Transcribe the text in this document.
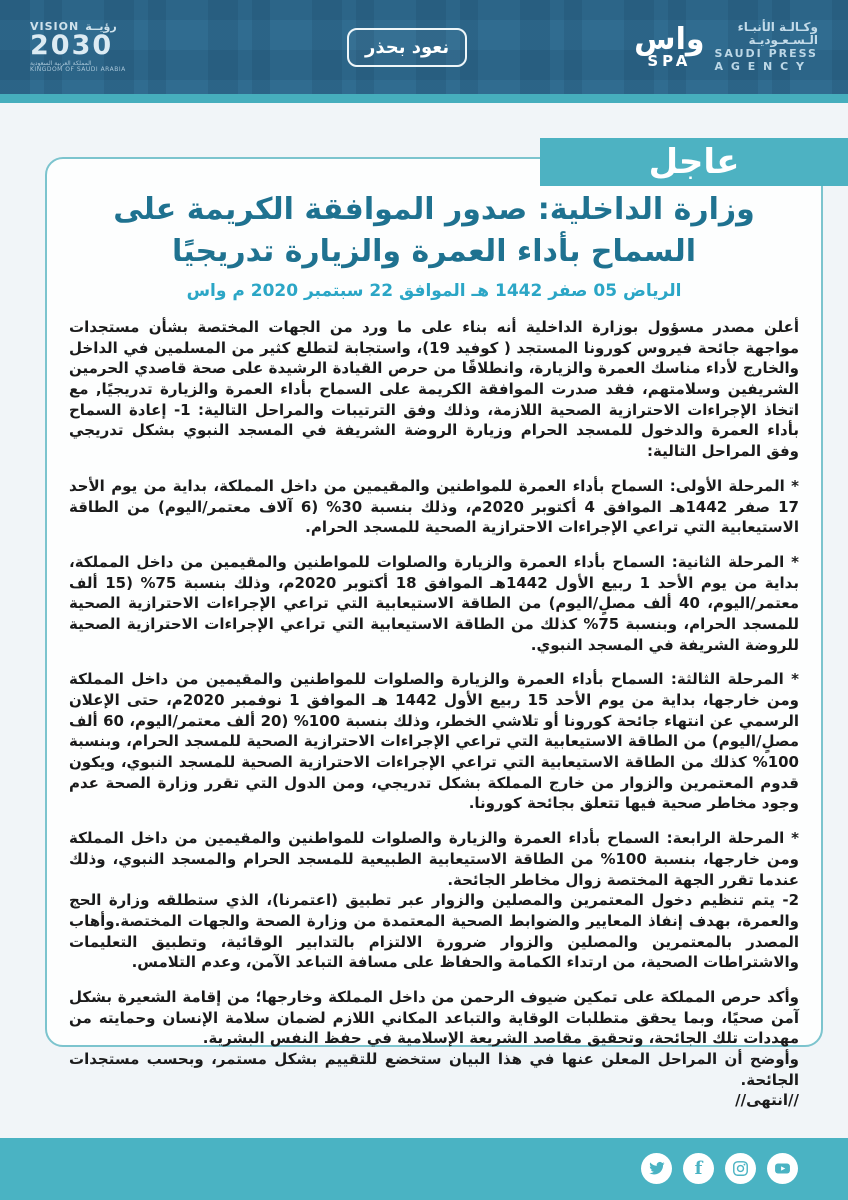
VISION رؤيــة
2030
المملكة العربية السعودية
KINGDOM OF SAUDI ARABIA
نعود بحذر	واس
SPA
وكـالـة الأنبـاء
الـسـعـوديـة
SAUDI PRESS
A G E N C Y
عاجل
وزارة الداخلية: صدور الموافقة الكريمة على السماح بأداء العمرة والزيارة تدريجيًا
الرياض 05 صفر 1442 هـ الموافق 22 سبتمبر 2020 م واس

أعلن مصدر مسؤول بوزارة الداخلية أنه بناء على ما ورد من الجهات المختصة بشأن مستجدات مواجهة جائحة فيروس كورونا المستجد ( كوفيد 19)، واستجابة لتطلع كثير من المسلمين في الداخل والخارج لأداء مناسك العمرة والزيارة، وانطلاقًا من حرص القيادة الرشيدة على صحة قاصدي الحرمين الشريفين وسلامتهم، فقد صدرت الموافقة الكريمة على السماح بأداء العمرة والزيارة تدريجيًا, مع اتخاذ الإجراءات الاحترازية الصحية اللازمة، وذلك وفق الترتيبات والمراحل التالية: 1- إعادة السماح بأداء العمرة والدخول للمسجد الحرام وزيارة الروضة الشريفة في المسجد النبوي بشكل تدريجي وفق المراحل التالية:

* المرحلة الأولى: السماح بأداء العمرة للمواطنين والمقيمين من داخل المملكة، بداية من يوم الأحد 17 صفر 1442هـ الموافق 4 أكتوبر 2020م، وذلك بنسبة 30% (6 آلاف معتمر/اليوم) من الطاقة الاستيعابية التي تراعي الإجراءات الاحترازية الصحية للمسجد الحرام.

* المرحلة الثانية: السماح بأداء العمرة والزيارة والصلوات للمواطنين والمقيمين من داخل المملكة، بداية من يوم الأحد 1 ربيع الأول 1442هـ الموافق 18 أكتوبر 2020م، وذلك بنسبة 75% (15 ألف معتمر/اليوم، 40 ألف مصلٍ/اليوم) من الطاقة الاستيعابية التي تراعي الإجراءات الاحترازية الصحية للمسجد الحرام، وبنسبة 75% كذلك من الطاقة الاستيعابية التي تراعي الإجراءات الاحترازية الصحية للروضة الشريفة في المسجد النبوي.

* المرحلة الثالثة: السماح بأداء العمرة والزيارة والصلوات للمواطنين والمقيمين من داخل المملكة ومن خارجها، بداية من يوم الأحد 15 ربيع الأول 1442 هـ الموافق 1 نوفمبر 2020م، حتى الإعلان الرسمي عن انتهاء جائحة كورونا أو تلاشي الخطر، وذلك بنسبة 100% (20 ألف معتمر/اليوم، 60 ألف مصلٍ/اليوم) من الطاقة الاستيعابية التي تراعي الإجراءات الاحترازية الصحية للمسجد الحرام، وبنسبة 100% كذلك من الطاقة الاستيعابية التي تراعي الإجراءات الاحترازية الصحية للمسجد النبوي، ويكون قدوم المعتمرين والزوار من خارج المملكة بشكل تدريجي، ومن الدول التي تقرر وزارة الصحة عدم وجود مخاطر صحية فيها تتعلق بجائحة كورونا.

* المرحلة الرابعة: السماح بأداء العمرة والزيارة والصلوات للمواطنين والمقيمين من داخل المملكة ومن خارجها، بنسبة 100% من الطاقة الاستيعابية الطبيعية للمسجد الحرام والمسجد النبوي، وذلك عندما تقرر الجهة المختصة زوال مخاطر الجائحة.

2- يتم تنظيم دخول المعتمرين والمصلين والزوار عبر تطبيق (اعتمرنا)، الذي ستطلقه وزارة الحج والعمرة، بهدف إنفاذ المعايير والضوابط الصحية المعتمدة من وزارة الصحة والجهات المختصة.وأهاب المصدر بالمعتمرين والمصلين والزوار ضرورة الالتزام بالتدابير الوقائية، وتطبيق التعليمات والاشتراطات الصحية، من ارتداء الكمامة والحفاظ على مسافة التباعد الآمن، وعدم التلامس.

وأكد حرص المملكة على تمكين ضيوف الرحمن من داخل المملكة وخارجها؛ من إقامة الشعيرة بشكل آمن صحيًا، وبما يحقق متطلبات الوقاية والتباعد المكاني اللازم لضمان سلامة الإنسان وحمايته من مهددات تلك الجائحة، وتحقيق مقاصد الشريعة الإسلامية في حفظ النفس البشرية.

وأوضح أن المراحل المعلن عنها في هذا البيان ستخضع للتقييم بشكل مستمر، وبحسب مستجدات الجائحة.

//انتهى//

f
